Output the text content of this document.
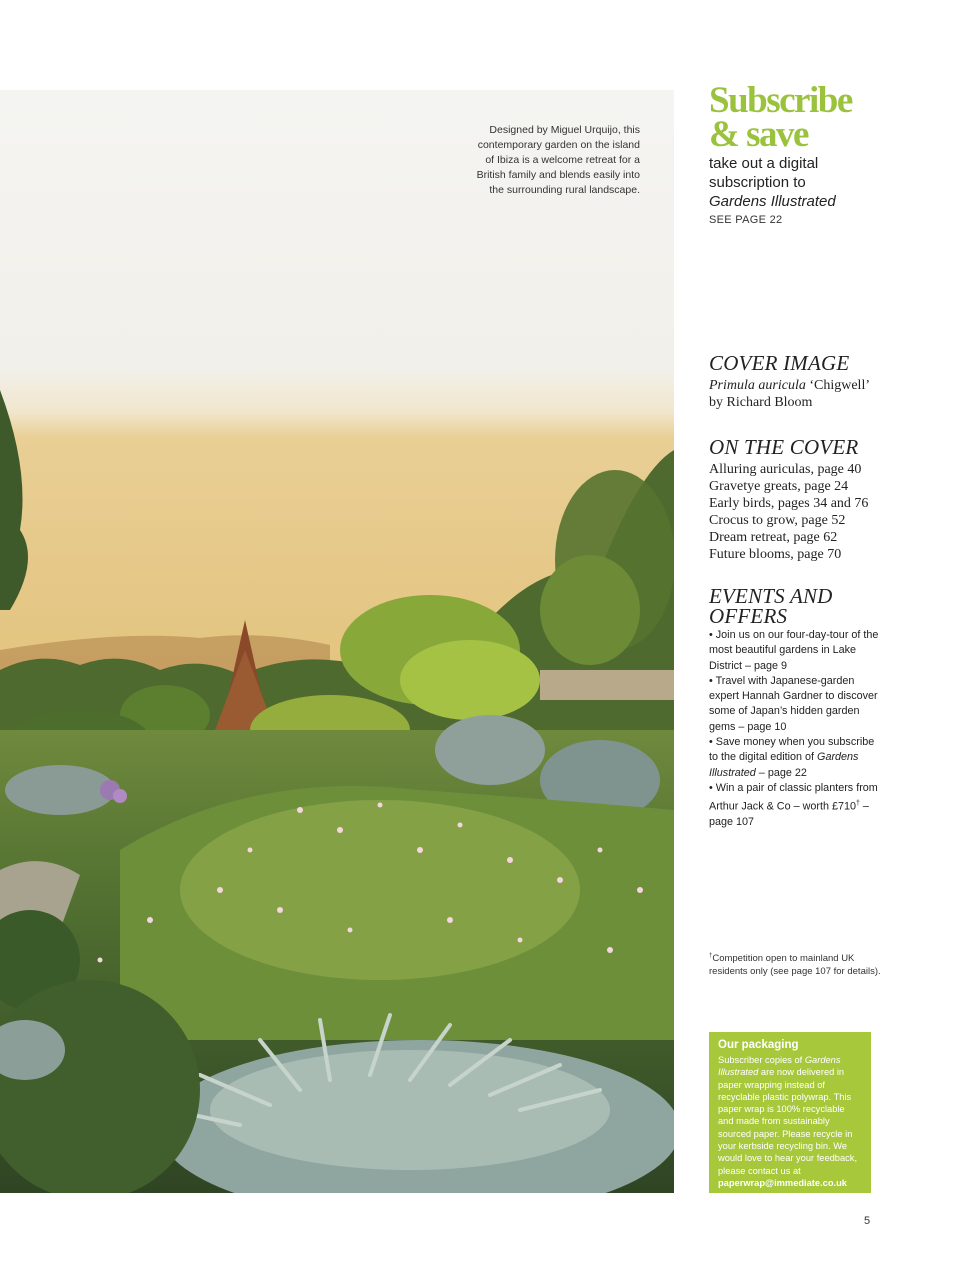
Designed by Miguel Urquijo, this contemporary garden on the island of Ibiza is a welcome retreat for a British family and blends easily into the surrounding rural landscape.
Subscribe
& save
take out a digital
subscription to
Gardens Illustrated
SEE PAGE 22
COVER IMAGE
Primula auricula ‘Chigwell’
by Richard Bloom
ON THE COVER
Alluring auriculas, page 40
Gravetye greats, page 24
Early birds, pages 34 and 76
Crocus to grow, page 52
Dream retreat, page 62
Future blooms, page 70
EVENTS AND
OFFERS
• Join us on our four-day-tour of the most beautiful gardens in Lake District – page 9
• Travel with Japanese-garden expert Hannah Gardner to discover some of Japan’s hidden garden gems – page 10
• Save money when you subscribe to the digital edition of Gardens Illustrated – page 22
• Win a pair of classic planters from Arthur Jack & Co – worth £710† – page 107
†Competition open to mainland UK residents only (see page 107 for details).
Our packaging
Subscriber copies of Gardens Illustrated are now delivered in paper wrapping instead of recyclable plastic polywrap. This paper wrap is 100% recyclable and made from sustainably sourced paper. Please recycle in your kerbside recycling bin. We would love to hear your feedback, please contact us at
paperwrap@immediate.co.uk
5
